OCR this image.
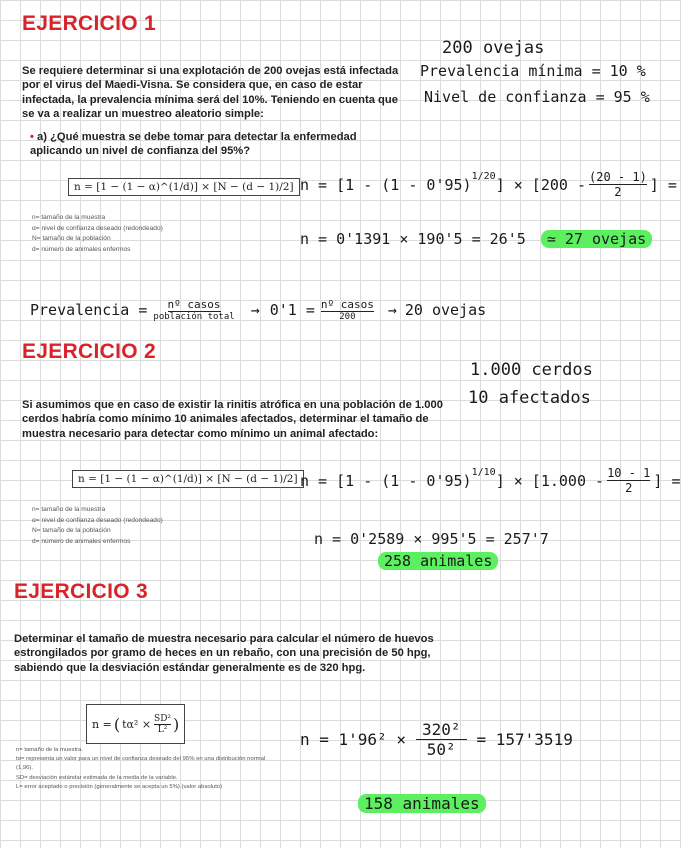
EJERCICIO 1
Se requiere determinar si una explotación de 200 ovejas está infectada por el virus del Maedi-Visna. Se considera que, en caso de estar infectada, la prevalencia mínima será del 10%. Teniendo en cuenta que se va a realizar un muestreo aleatorio simple:
• a) ¿Qué muestra se debe tomar para detectar la enfermedad aplicando un nivel de confianza del 95%?
n = [1 − (1 − α)^(1/d)] × [N − (d − 1)/2]
n= tamaño de la muestra
α= nivel de confianza deseado (redondeado)
N= tamaño de la población
d= número de animales enfermos
200 ovejas
Prevalencia mínima = 10 %
Nivel de confianza = 95 %
n = [ 1 - (1 - 0'95)$^{1/20}$ ] × [ $200 - \frac{(20 - 1)}{2}$ ] =
n = 0'1391 × 190'5 = 26'5 ≃ 27 ovejas
Prevalencia = nº casos
población total → 0'1 = nº casos
200 → 20 ovejas
EJERCICIO 2
1.000 cerdos
10 afectados
Si asumimos que en caso de existir la rinitis atrófica en una población de 1.000 cerdos habría como mínimo 10 animales afectados, determinar el tamaño de muestra necesario para detectar como mínimo un animal afectado:
n = [1 − (1 − α)^(1/d)] × [N − (d − 1)/2]
n= tamaño de la muestra
α= nivel de confianza deseado (redondeado)
N= tamaño de la población
d= número de animales enfermos
n = [ 1 - (1 - 0'95)$^{1/10}$ ] × [ $1.000 - \frac{10 - 1}{2}$ ] =
n = 0'2589 × 995'5 = 257'7
258 animales
EJERCICIO 3
Determinar el tamaño de muestra necesario para calcular el número de huevos estrongilados por gramo de heces en un rebaño, con una precisión de 50 hpg, sabiendo que la desviación estándar generalmente es de 320 hpg.
n = ( $t\alpha^2 \times \frac{\text{SD²}}{\text{L²}}$ )
n= tamaño de la muestra.
tα= representa un valor para un nivel de confianza deseado del 95% en una distribución normal (1,96).
SD= desviación estándar estimada de la media de la variable.
L= error aceptado o precisión (generalmente se acepta un 5%) (valor absoluto)
$n = 1'96^2 \times \frac{\text{320²}}{\text{50²}} = 157'3519$
158 animales
